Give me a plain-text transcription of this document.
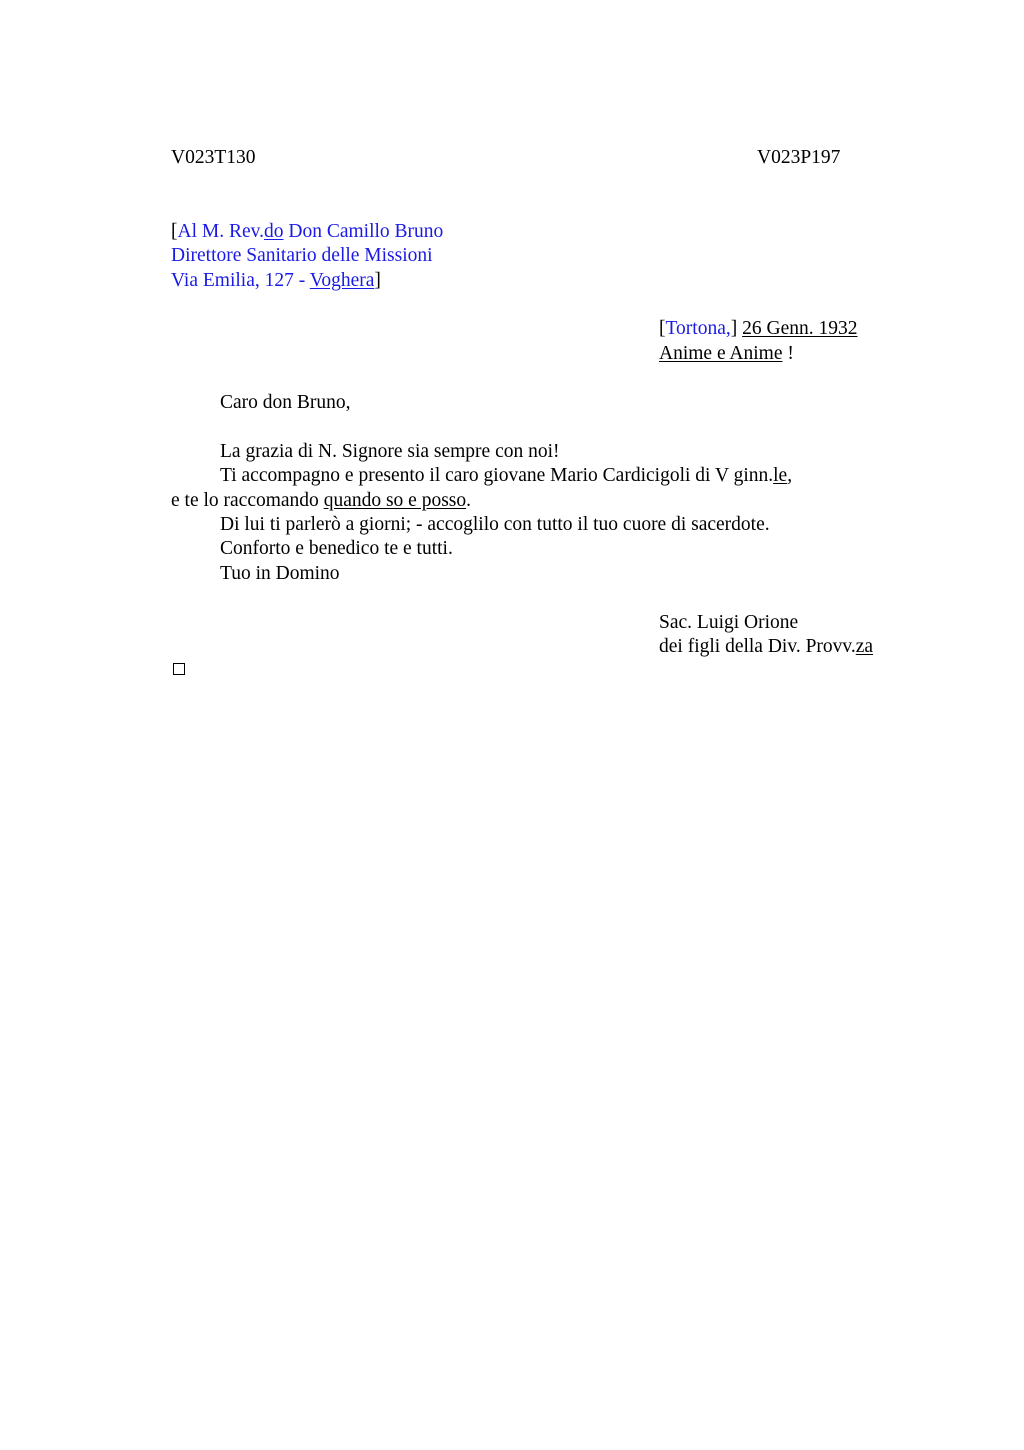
V023T130	V023P197
[Al M. Rev.do Don Camillo Bruno
Direttore Sanitario delle Missioni
Via Emilia, 127 - Voghera]
[Tortona,] 26 Genn. 1932
Anime e Anime !
Caro don Bruno,
La grazia di N. Signore sia sempre con noi!
Ti accompagno e presento il caro giovane Mario Cardicigoli di V ginn.le,
e te lo raccomando quando so e posso.
Di lui ti parlerò a giorni; - accoglilo con tutto il tuo cuore di sacerdote.
Conforto e benedico te e tutti.
Tuo in Domino
Sac. Luigi Orione
dei figli della Div. Provv.za
